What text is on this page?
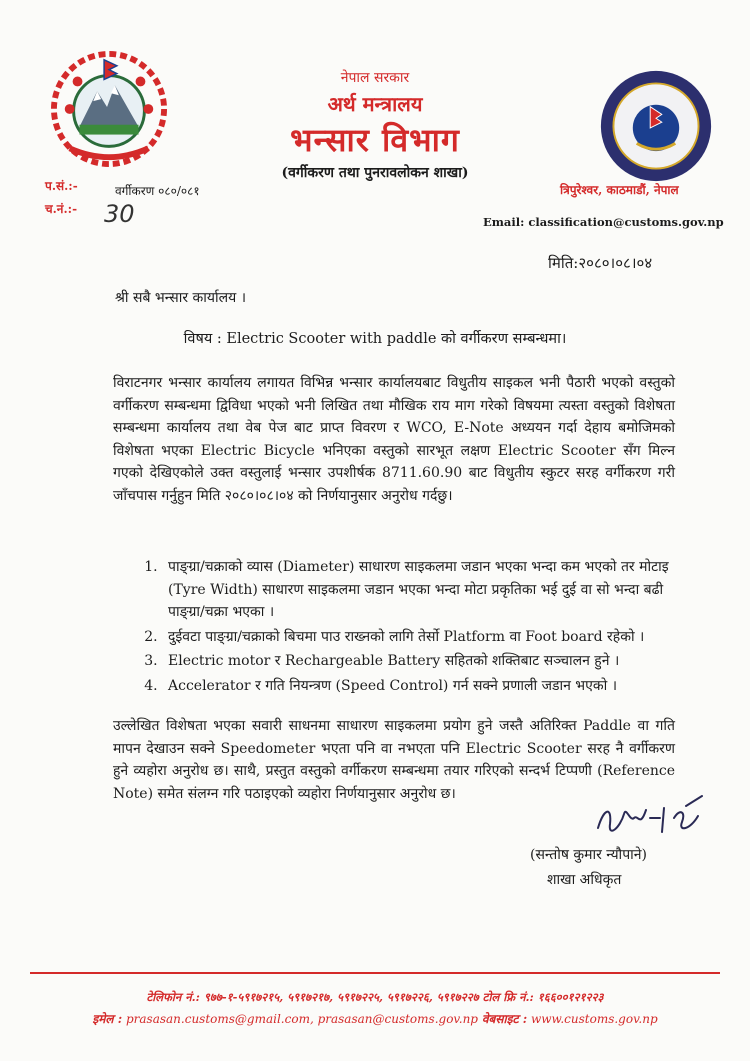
नेपाल सरकार
अर्थ मन्त्रालय
भन्सार विभाग
(वर्गीकरण तथा पुनरावलोकन शाखा)
प.सं.:-
च.नं.:-
वर्गीकरण ०८०/०८१
30
त्रिपुरेश्वर, काठमाडौं, नेपाल
Email: classification@customs.gov.np
मिति:२०८०।०८।०४
श्री सबै भन्सार कार्यालय ।
विषय : Electric Scooter with paddle को वर्गीकरण सम्बन्धमा।
विराटनगर भन्सार कार्यालय लगायत विभिन्न भन्सार कार्यालयबाट विधुतीय साइकल भनी पैठारी भएको वस्तुको वर्गीकरण सम्बन्धमा द्विविधा भएको भनी लिखित तथा मौखिक राय माग गरेको विषयमा त्यस्ता वस्तुको विशेषता सम्बन्धमा कार्यालय तथा वेब पेज बाट प्राप्त विवरण र WCO, E-Note अध्ययन गर्दा देहाय बमोजिमको विशेषता भएका Electric Bicycle भनिएका वस्तुको सारभूत लक्षण Electric Scooter सँग मिल्न गएको देखिएकोले उक्त वस्तुलाई भन्सार उपशीर्षक 8711.60.90 बाट विधुतीय स्कुटर सरह वर्गीकरण गरी जाँचपास गर्नुहुन मिति २०८०।०८।०४ को निर्णयानुसार अनुरोध गर्दछु।
1. पाङ्ग्रा/चक्राको व्यास (Diameter) साधारण साइकलमा जडान भएका भन्दा कम भएको तर मोटाइ (Tyre Width) साधारण साइकलमा जडान भएका भन्दा मोटा प्रकृतिका भई दुई वा सो भन्दा बढी पाङ्ग्रा/चक्रा भएका ।
2. दुईवटा पाङ्ग्रा/चक्राको बिचमा पाउ राख्नको लागि तेर्सो Platform वा Foot board रहेको ।
3. Electric motor र Rechargeable Battery सहितको शक्तिबाट सञ्चालन हुने ।
4. Accelerator र गति नियन्त्रण (Speed Control) गर्न सक्ने प्रणाली जडान भएको ।
उल्लेखित विशेषता भएका सवारी साधनमा साधारण साइकलमा प्रयोग हुने जस्तै अतिरिक्त Paddle वा गति मापन देखाउन सक्ने Speedometer भएता पनि वा नभएता पनि Electric Scooter सरह नै वर्गीकरण हुने व्यहोरा अनुरोध छ। साथै, प्रस्तुत वस्तुको वर्गीकरण सम्बन्धमा तयार गरिएको सन्दर्भ टिप्पणी (Reference Note) समेत संलग्न गरि पठाइएको व्यहोरा निर्णयानुसार अनुरोध छ।
(सन्तोष कुमार न्यौपाने)
शाखा अधिकृत
टेलिफोन नं.: ९७७-१-५९१७२१५, ५९१७२१७, ५९१७२२५, ५९१७२२६, ५९१७२२७ टोल फ्रि नं.: १६६००१२१२२३
इमेल : prasasan.customs@gmail.com, prasasan@customs.gov.np वेबसाइट : www.customs.gov.np
